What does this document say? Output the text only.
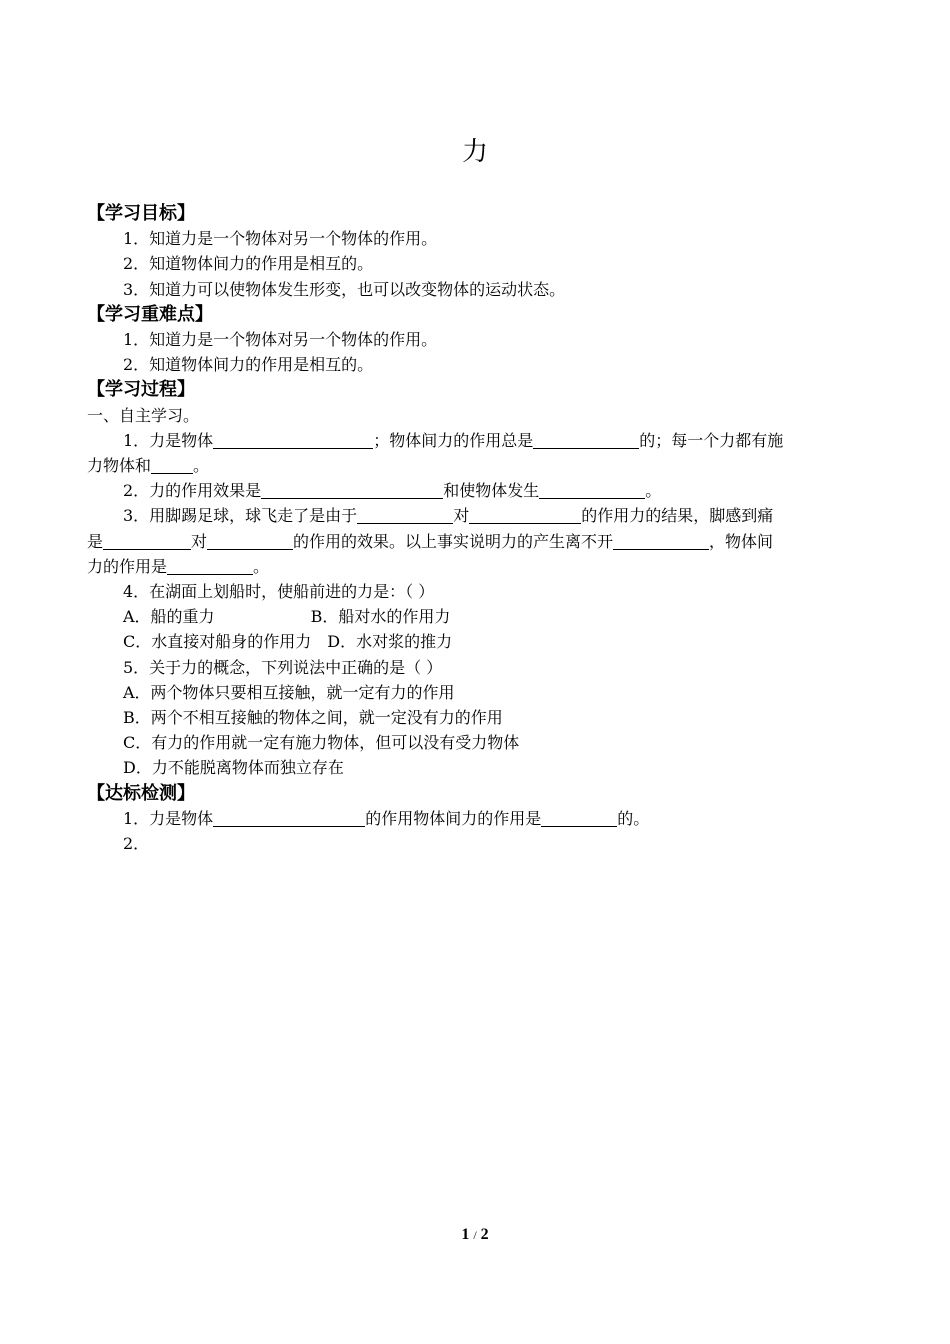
力
【学习目标】
1．知道力是一个物体对另一个物体的作用。
2．知道物体间力的作用是相互的。
3．知道力可以使物体发生形变，也可以改变物体的运动状态。
【学习重难点】
1．知道力是一个物体对另一个物体的作用。
2．知道物体间力的作用是相互的。
【学习过程】
一、自主学习。
1．力是物体	；物体间力的作用总是	的；每一个力都有施
力物体和	。
2．力的作用效果是	和使物体发生	。
3．用脚踢足球，球飞走了是由于	对	的作用力的结果，脚感到痛
是	对	的作用的效果。以上事实说明力的产生离不开	，物体间
力的作用是	。
4．在湖面上划船时，使船前进的力是：（ ）
A．船的重力	B．船对水的作用力
C．水直接对船身的作用力 D．水对浆的推力
5．关于力的概念，下列说法中正确的是（ ）
A．两个物体只要相互接触，就一定有力的作用
B．两个不相互接触的物体之间，就一定没有力的作用
C．有力的作用就一定有施力物体，但可以没有受力物体
D．力不能脱离物体而独立存在
【达标检测】
1．力是物体	的作用物体间力的作用是	的。
2．
1 / 2
